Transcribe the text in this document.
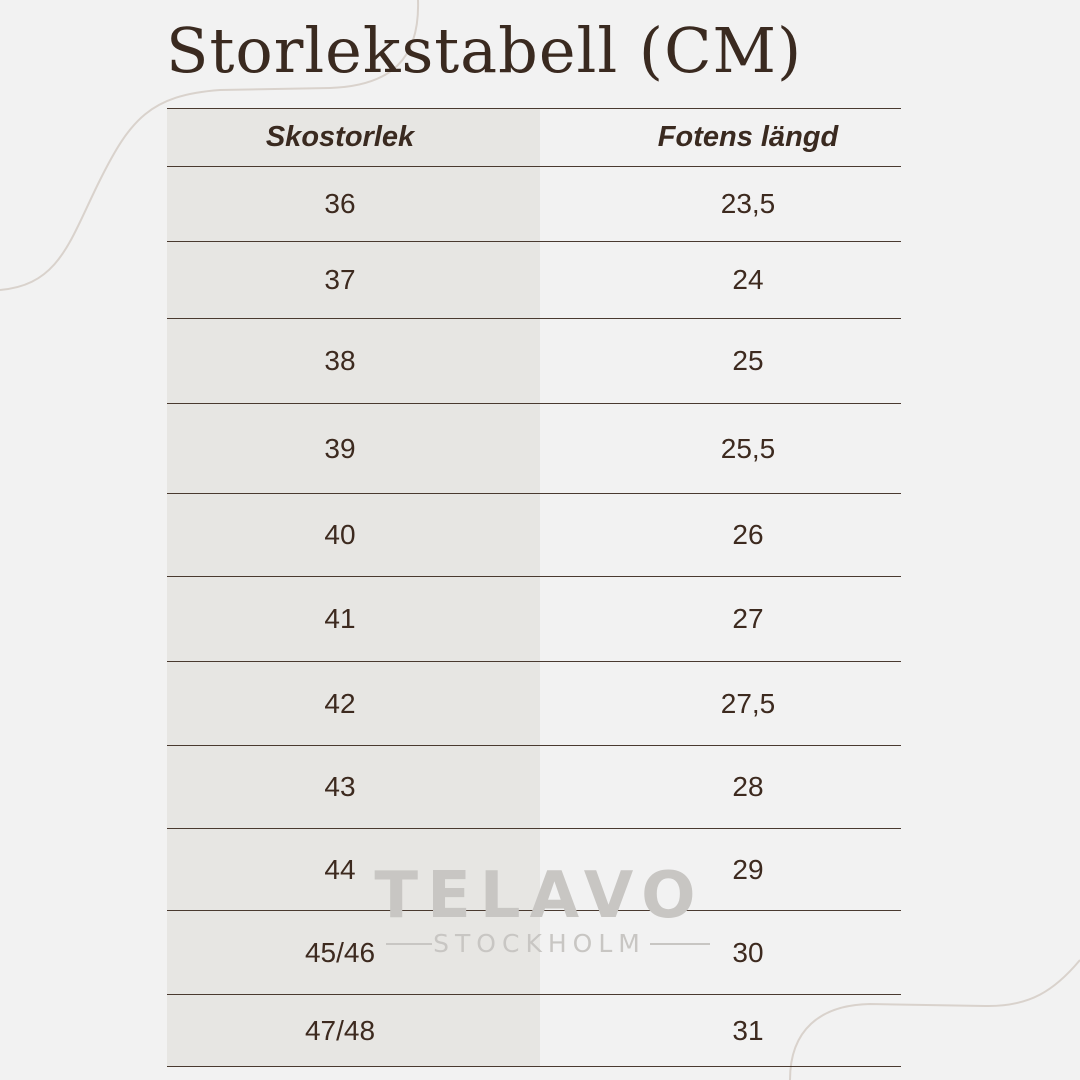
Storlekstabell (CM)
Skostorlek	Fotens längd
36	23,5
37	24
38	25
39	25,5
40	26
41	27
42	27,5
43	28
44	29
45/46	30
47/48	31
TELAVO
STOCKHOLM
